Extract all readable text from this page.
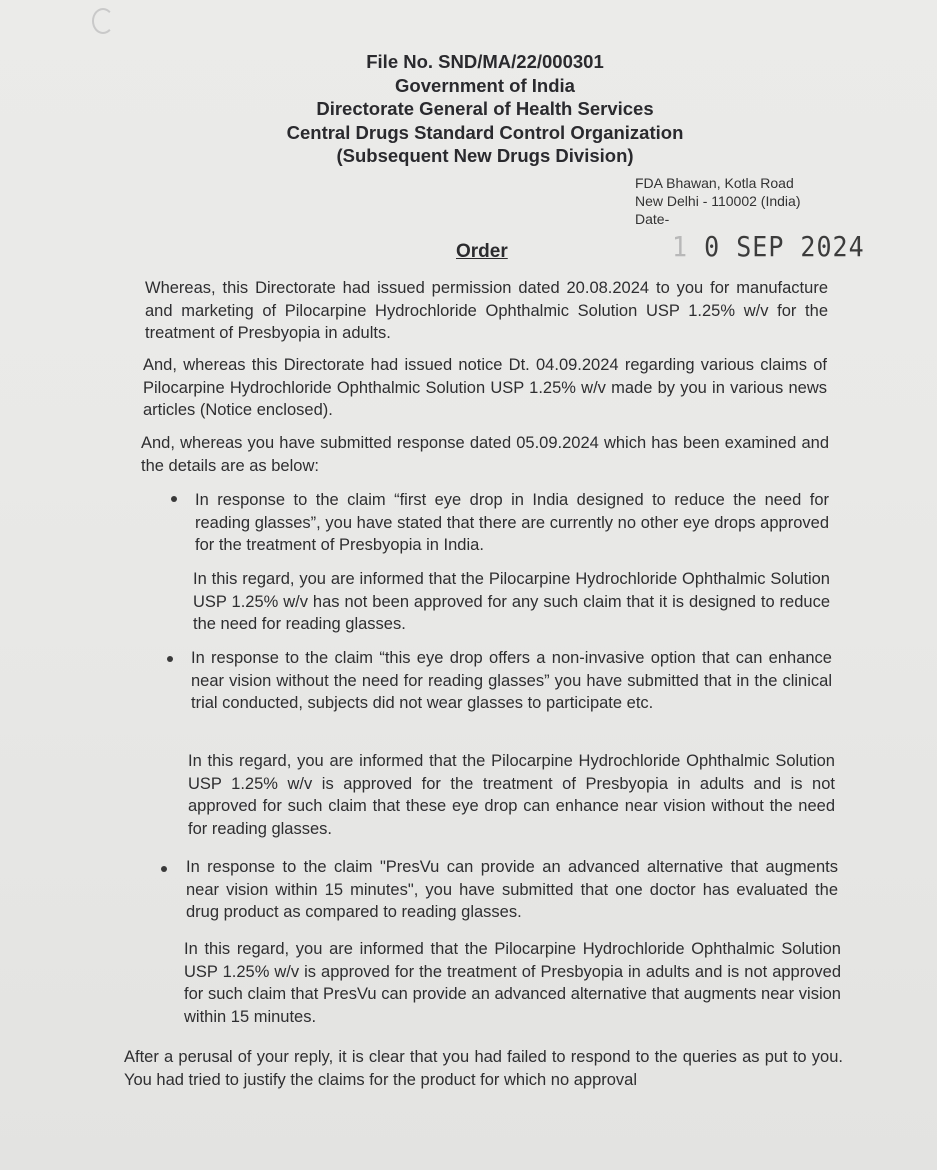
File No. SND/MA/22/000301
Government of India
Directorate General of Health Services
Central Drugs Standard Control Organization
(Subsequent New Drugs Division)
FDA Bhawan, Kotla Road
New Delhi - 110002 (India)
Date-
Order	1 0 SEP 2024
Whereas, this Directorate had issued permission dated 20.08.2024 to you for manufacture and marketing of Pilocarpine Hydrochloride Ophthalmic Solution USP 1.25% w/v for the treatment of Presbyopia in adults.
And, whereas this Directorate had issued notice Dt. 04.09.2024 regarding various claims of Pilocarpine Hydrochloride Ophthalmic Solution USP 1.25% w/v made by you in various news articles (Notice enclosed).
And, whereas you have submitted response dated 05.09.2024 which has been examined and the details are as below:
In response to the claim “first eye drop in India designed to reduce the need for reading glasses”, you have stated that there are currently no other eye drops approved for the treatment of Presbyopia in India.
In this regard, you are informed that the Pilocarpine Hydrochloride Ophthalmic Solution USP 1.25% w/v has not been approved for any such claim that it is designed to reduce the need for reading glasses.
In response to the claim “this eye drop offers a non-invasive option that can enhance near vision without the need for reading glasses” you have submitted that in the clinical trial conducted, subjects did not wear glasses to participate etc.
In this regard, you are informed that the Pilocarpine Hydrochloride Ophthalmic Solution USP 1.25% w/v is approved for the treatment of Presbyopia in adults and is not approved for such claim that these eye drop can enhance near vision without the need for reading glasses.
In response to the claim "PresVu can provide an advanced alternative that augments near vision within 15 minutes", you have submitted that one doctor has evaluated the drug product as compared to reading glasses.
In this regard, you are informed that the Pilocarpine Hydrochloride Ophthalmic Solution USP 1.25% w/v is approved for the treatment of Presbyopia in adults and is not approved for such claim that PresVu can provide an advanced alternative that augments near vision within 15 minutes.
After a perusal of your reply, it is clear that you had failed to respond to the queries as put to you. You had tried to justify the claims for the product for which no approval
